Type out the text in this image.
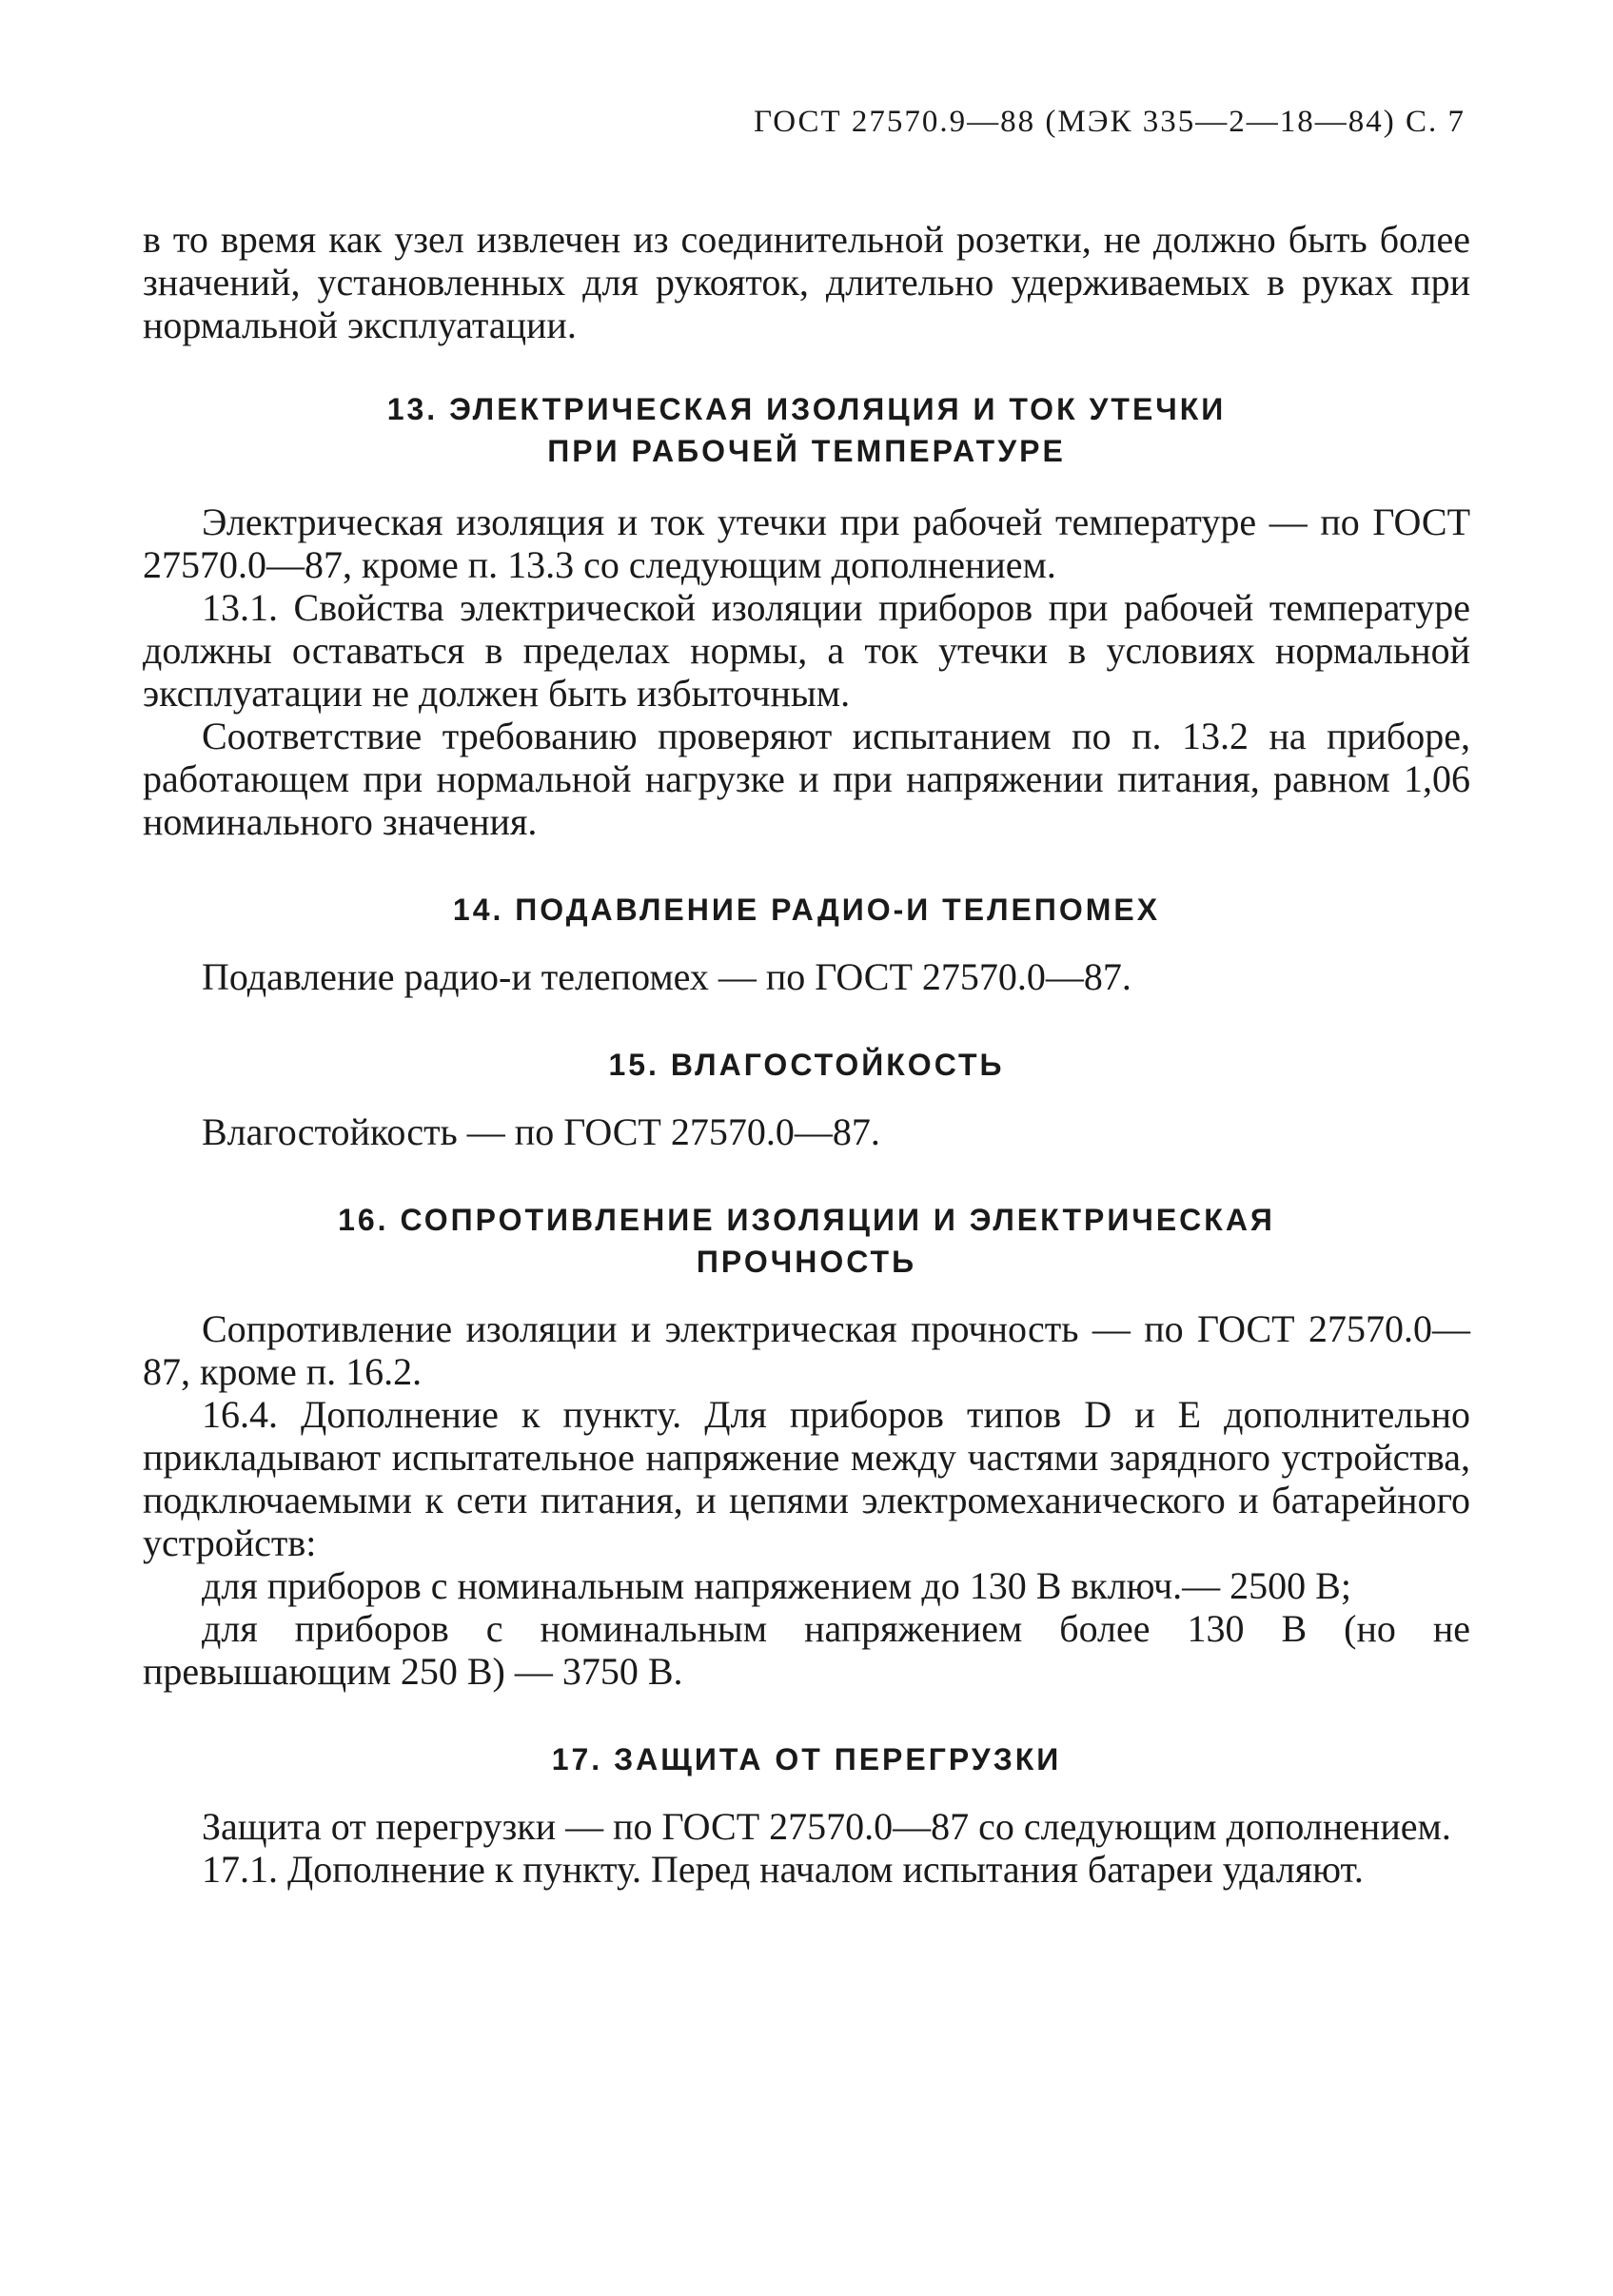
ГОСТ 27570.9—88 (МЭК 335—2—18—84) С. 7

в то время как узел извлечен из соединительной розетки, не должно быть более значений, установленных для рукояток, длительно удерживаемых в руках при нормальной эксплуатации.

13. ЭЛЕКТРИЧЕСКАЯ ИЗОЛЯЦИЯ И ТОК УТЕЧКИ
ПРИ РАБОЧЕЙ ТЕМПЕРАТУРЕ

Электрическая изоляция и ток утечки при рабочей температуре — по ГОСТ 27570.0—87, кроме п. 13.3 со следующим дополнением.

13.1. Свойства электрической изоляции приборов при рабочей температуре должны оставаться в пределах нормы, а ток утечки в условиях нормальной эксплуатации не должен быть избыточным.

Соответствие требованию проверяют испытанием по п. 13.2 на приборе, работающем при нормальной нагрузке и при напряжении питания, равном 1,06 номинального значения.

14. ПОДАВЛЕНИЕ РАДИО-И ТЕЛЕПОМЕХ

Подавление радио-и телепомех — по ГОСТ 27570.0—87.

15. ВЛАГОСТОЙКОСТЬ

Влагостойкость — по ГОСТ 27570.0—87.

16. СОПРОТИВЛЕНИЕ ИЗОЛЯЦИИ И ЭЛЕКТРИЧЕСКАЯ
ПРОЧНОСТЬ

Сопротивление изоляции и электрическая прочность — по ГОСТ 27570.0—87, кроме п. 16.2.

16.4. Дополнение к пункту. Для приборов типов D и E дополнительно прикладывают испытательное напряжение между частями зарядного устройства, подключаемыми к сети питания, и цепями электромеханического и батарейного устройств:

для приборов с номинальным напряжением до 130 В включ.— 2500 В;

для приборов с номинальным напряжением более 130 В (но не превышающим 250 В) — 3750 В.

17. ЗАЩИТА ОТ ПЕРЕГРУЗКИ

Защита от перегрузки — по ГОСТ 27570.0—87 со следующим дополнением.

17.1. Дополнение к пункту. Перед началом испытания батареи удаляют.
